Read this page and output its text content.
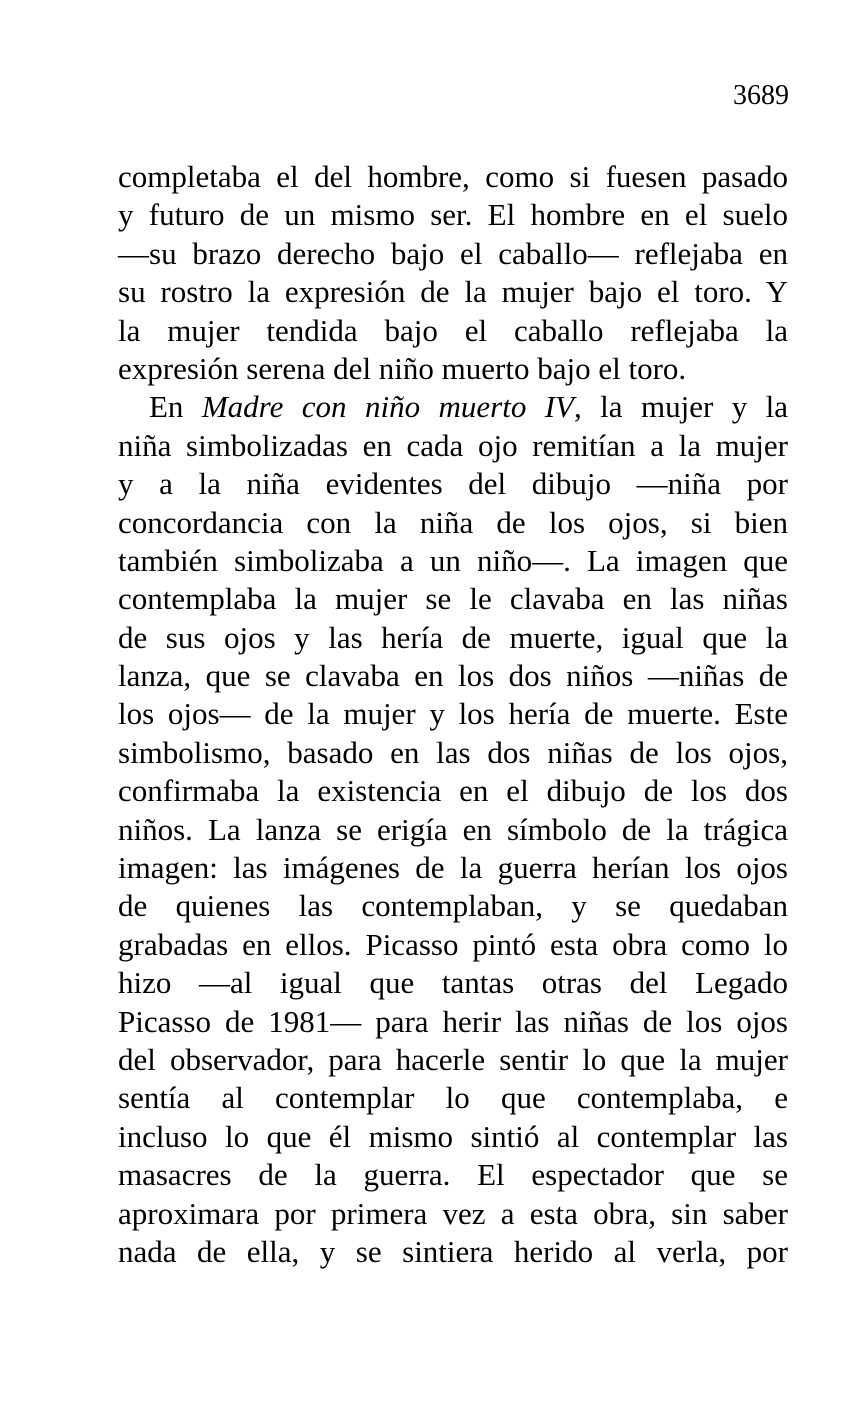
3689
completaba el del hombre, como si fuesen pasado
y futuro de un mismo ser. El hombre en el suelo
—su brazo derecho bajo el caballo— reflejaba en
su rostro la expresión de la mujer bajo el toro. Y
la mujer tendida bajo el caballo reflejaba la
expresión serena del niño muerto bajo el toro.
En Madre con niño muerto IV, la mujer y la
niña simbolizadas en cada ojo remitían a la mujer
y a la niña evidentes del dibujo —niña por
concordancia con la niña de los ojos, si bien
también simbolizaba a un niño—. La imagen que
contemplaba la mujer se le clavaba en las niñas
de sus ojos y las hería de muerte, igual que la
lanza, que se clavaba en los dos niños —niñas de
los ojos— de la mujer y los hería de muerte. Este
simbolismo, basado en las dos niñas de los ojos,
confirmaba la existencia en el dibujo de los dos
niños. La lanza se erigía en símbolo de la trágica
imagen: las imágenes de la guerra herían los ojos
de quienes las contemplaban, y se quedaban
grabadas en ellos. Picasso pintó esta obra como lo
hizo —al igual que tantas otras del Legado
Picasso de 1981— para herir las niñas de los ojos
del observador, para hacerle sentir lo que la mujer
sentía al contemplar lo que contemplaba, e
incluso lo que él mismo sintió al contemplar las
masacres de la guerra. El espectador que se
aproximara por primera vez a esta obra, sin saber
nada de ella, y se sintiera herido al verla, por
